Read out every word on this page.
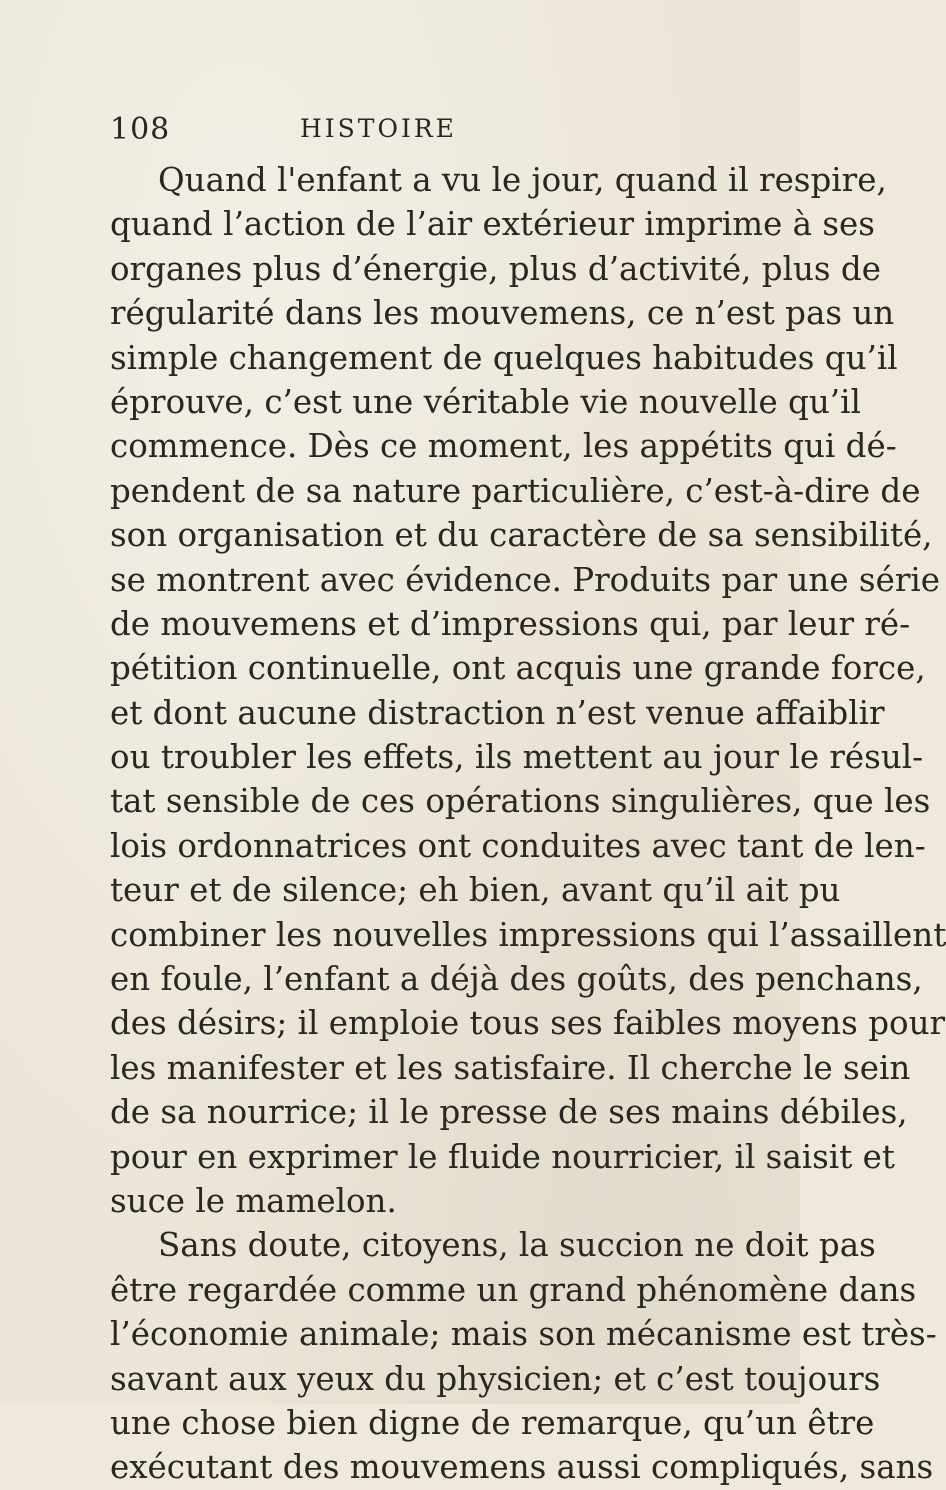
108	HISTOIRE
Quand l'enfant a vu le jour, quand il respire,
quand l’action de l’air extérieur imprime à ses
organes plus d’énergie, plus d’activité, plus de
régularité dans les mouvemens, ce n’est pas un
simple changement de quelques habitudes qu’il
éprouve, c’est une véritable vie nouvelle qu’il
commence. Dès ce moment, les appétits qui dé-
pendent de sa nature particulière, c’est-à-dire de
son organisation et du caractère de sa sensibilité,
se montrent avec évidence. Produits par une série
de mouvemens et d’impressions qui, par leur ré-
pétition continuelle, ont acquis une grande force,
et dont aucune distraction n’est venue affaiblir
ou troubler les effets, ils mettent au jour le résul-
tat sensible de ces opérations singulières, que les
lois ordonnatrices ont conduites avec tant de len-
teur et de silence; eh bien, avant qu’il ait pu
combiner les nouvelles impressions qui l’assaillent
en foule, l’enfant a déjà des goûts, des penchans,
des désirs; il emploie tous ses faibles moyens pour
les manifester et les satisfaire. Il cherche le sein
de sa nourrice; il le presse de ses mains débiles,
pour en exprimer le fluide nourricier, il saisit et
suce le mamelon.
Sans doute, citoyens, la succion ne doit pas
être regardée comme un grand phénomène dans
l’économie animale; mais son mécanisme est très-
savant aux yeux du physicien; et c’est toujours
une chose bien digne de remarque, qu’un être
exécutant des mouvemens aussi compliqués, sans
